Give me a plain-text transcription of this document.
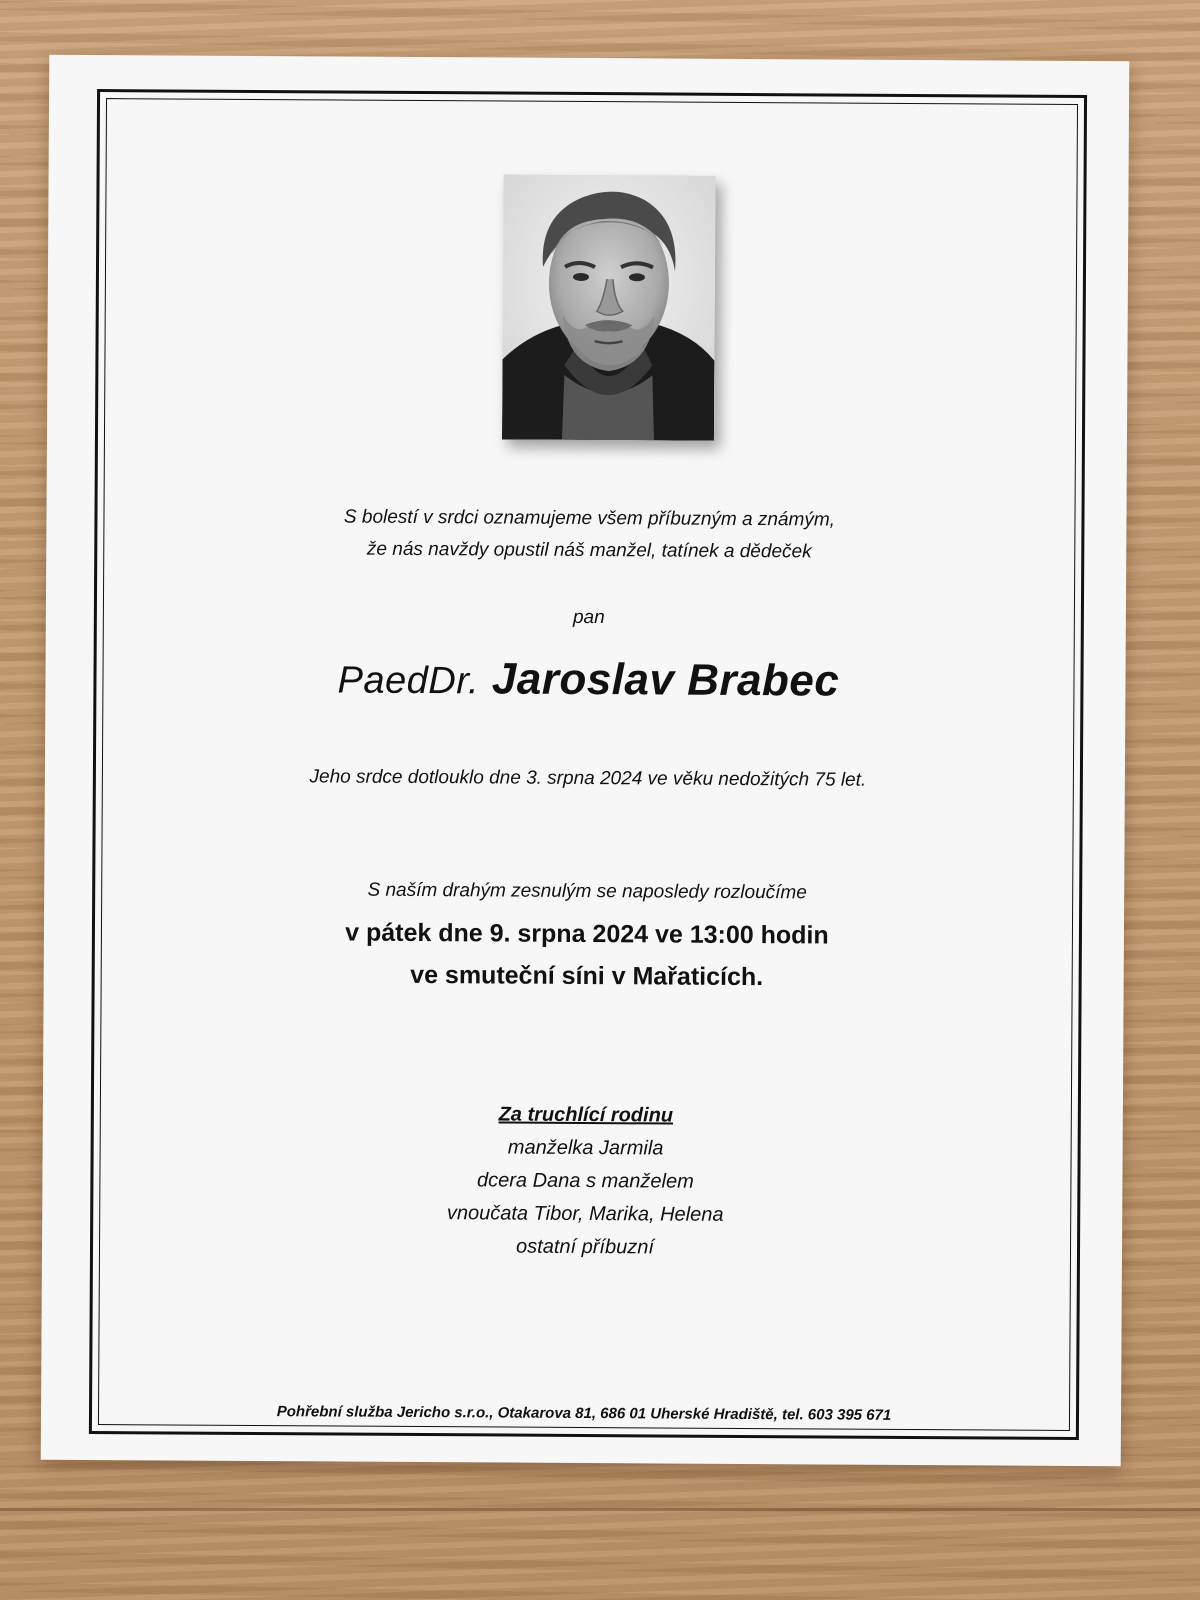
S bolestí v srdci oznamujeme všem příbuzným a známým,
že nás navždy opustil náš manžel, tatínek a dědeček
pan
PaedDr. Jaroslav Brabec
Jeho srdce dotlouklo dne 3. srpna 2024 ve věku nedožitých 75 let.
S naším drahým zesnulým se naposledy rozloučíme
v pátek dne 9. srpna 2024 ve 13:00 hodin
ve smuteční síni v Mařaticích.
Za truchlící rodinu
manželka Jarmila
dcera Dana s manželem
vnoučata Tibor, Marika, Helena
ostatní příbuzní
Pohřební služba Jericho s.r.o., Otakarova 81, 686 01 Uherské Hradiště, tel. 603 395 671
